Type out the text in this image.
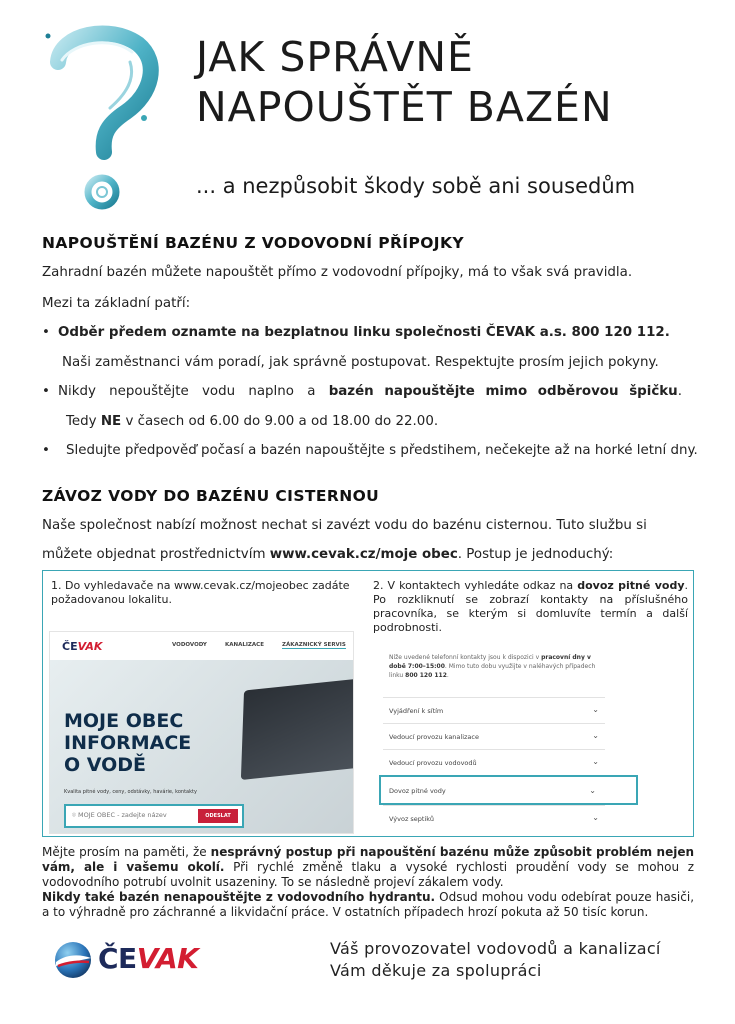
JAK SPRÁVNĚ
NAPOUŠTĚT BAZÉN
... a nezpůsobit škody sobě ani sousedům
NAPOUŠTĚNÍ BAZÉNU Z VODOVODNÍ PŘÍPOJKY
Zahradní bazén můžete napouštět přímo z vodovodní přípojky, má to však svá pravidla.
Mezi ta základní patří:
• Odběr předem oznamte na bezplatnou linku společnosti ČEVAK a.s. 800 120 112.
Naši zaměstnanci vám poradí, jak správně postupovat. Respektujte prosím jejich pokyny.
• Nikdy nepouštějte vodu naplno a bazén napouštějte mimo odběrovou špičku.
Tedy NE v časech od 6.00 do 9.00 a od 18.00 do 22.00.
• Sledujte předpověď počasí a bazén napouštějte s předstihem, nečekejte až na horké letní dny.
ZÁVOZ VODY DO BAZÉNU CISTERNOU
Naše společnost nabízí možnost nechat si zavézt vodu do bazénu cisternou. Tuto službu si
můžete objednat prostřednictvím www.cevak.cz/moje obec. Postup je jednoduchý:
1. Do vyhledavače na www.cevak.cz/mojeobec zadáte požadovanou lokalitu.
2. V kontaktech vyhledáte odkaz na dovoz pitné vody. Po rozkliknutí se zobrazí kontakty na příslušného pracovníka, se kterým si domluvíte termín a další podrobnosti.
ČEVAK	VODOVODY	KANALIZACE	ZÁKAZNICKÝ SERVIS
MOJE OBEC
INFORMACE
O VODĚ
Kvalita pitné vody, ceny, odstávky, havárie, kontakty
⌾ MOJE OBEC - zadejte název	ODESLAT
Níže uvedené telefonní kontakty jsou k dispozici v pracovní dny v době 7:00–15:00. Mimo tuto dobu využijte v naléhavých případech linku 800 120 112.
Vyjádření k sítím	⌄
Vedoucí provozu kanalizace	⌄
Vedoucí provozu vodovodů	⌄
Dovoz pitné vody	⌄
Vývoz septiků	⌄
Mějte prosím na paměti, že nesprávný postup při napouštění bazénu může způsobit problém nejen vám, ale i vašemu okolí. Při rychlé změně tlaku a vysoké rychlosti proudění vody se mohou z vodovodního potrubí uvolnit usazeniny. To se následně projeví zákalem vody.
Nikdy také bazén nenapouštějte z vodovodního hydrantu. Odsud mohou vodu odebírat pouze hasiči, a to výhradně pro záchranné a likvidační práce. V ostatních případech hrozí pokuta až 50 tisíc korun.
ČEVAK	Váš provozovatel vodovodů a kanalizací
Vám děkuje za spolupráci
